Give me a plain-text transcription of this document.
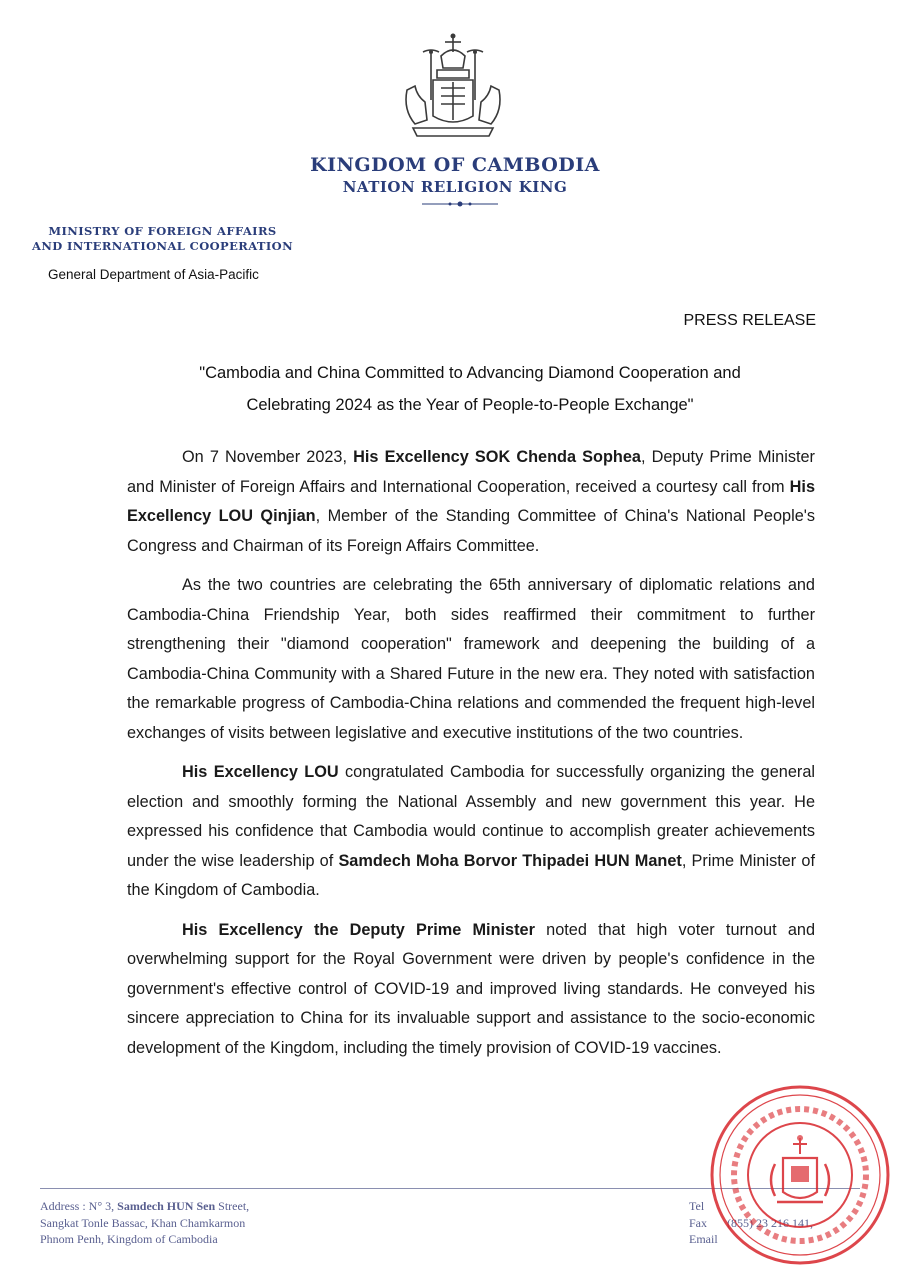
KINGDOM OF CAMBODIA
NATION RELIGION KING
MINISTRY OF FOREIGN AFFAIRS
AND INTERNATIONAL COOPERATION
General Department of Asia-Pacific
PRESS RELEASE
"Cambodia and China Committed to Advancing Diamond Cooperation and
Celebrating 2024 as the Year of People-to-People Exchange"

On 7 November 2023, His Excellency SOK Chenda Sophea, Deputy Prime Minister and Minister of Foreign Affairs and International Cooperation, received a courtesy call from His Excellency LOU Qinjian, Member of the Standing Committee of China's National People's Congress and Chairman of its Foreign Affairs Committee.

As the two countries are celebrating the 65th anniversary of diplomatic relations and Cambodia-China Friendship Year, both sides reaffirmed their commitment to further strengthening their "diamond cooperation" framework and deepening the building of a Cambodia-China Community with a Shared Future in the new era. They noted with satisfaction the remarkable progress of Cambodia-China relations and commended the frequent high-level exchanges of visits between legislative and executive institutions of the two countries.

His Excellency LOU congratulated Cambodia for successfully organizing the general election and smoothly forming the National Assembly and new government this year. He expressed his confidence that Cambodia would continue to accomplish greater achievements under the wise leadership of Samdech Moha Borvor Thipadei HUN Manet, Prime Minister of the Kingdom of Cambodia.

His Excellency the Deputy Prime Minister noted that high voter turnout and overwhelming support for the Royal Government were driven by people's confidence in the government's effective control of COVID-19 and improved living standards. He conveyed his sincere appreciation to China for its invaluable support and assistance to the socio-economic development of the Kingdom, including the timely provision of COVID-19 vaccines.

Address : N° 3, Samdech HUN Sen Street,
Sangkat Tonle Bassac, Khan Chamkarmon
Phnom Penh, Kingdom of Cambodia
Tel
Fax (855) 23 216 141,
Email
